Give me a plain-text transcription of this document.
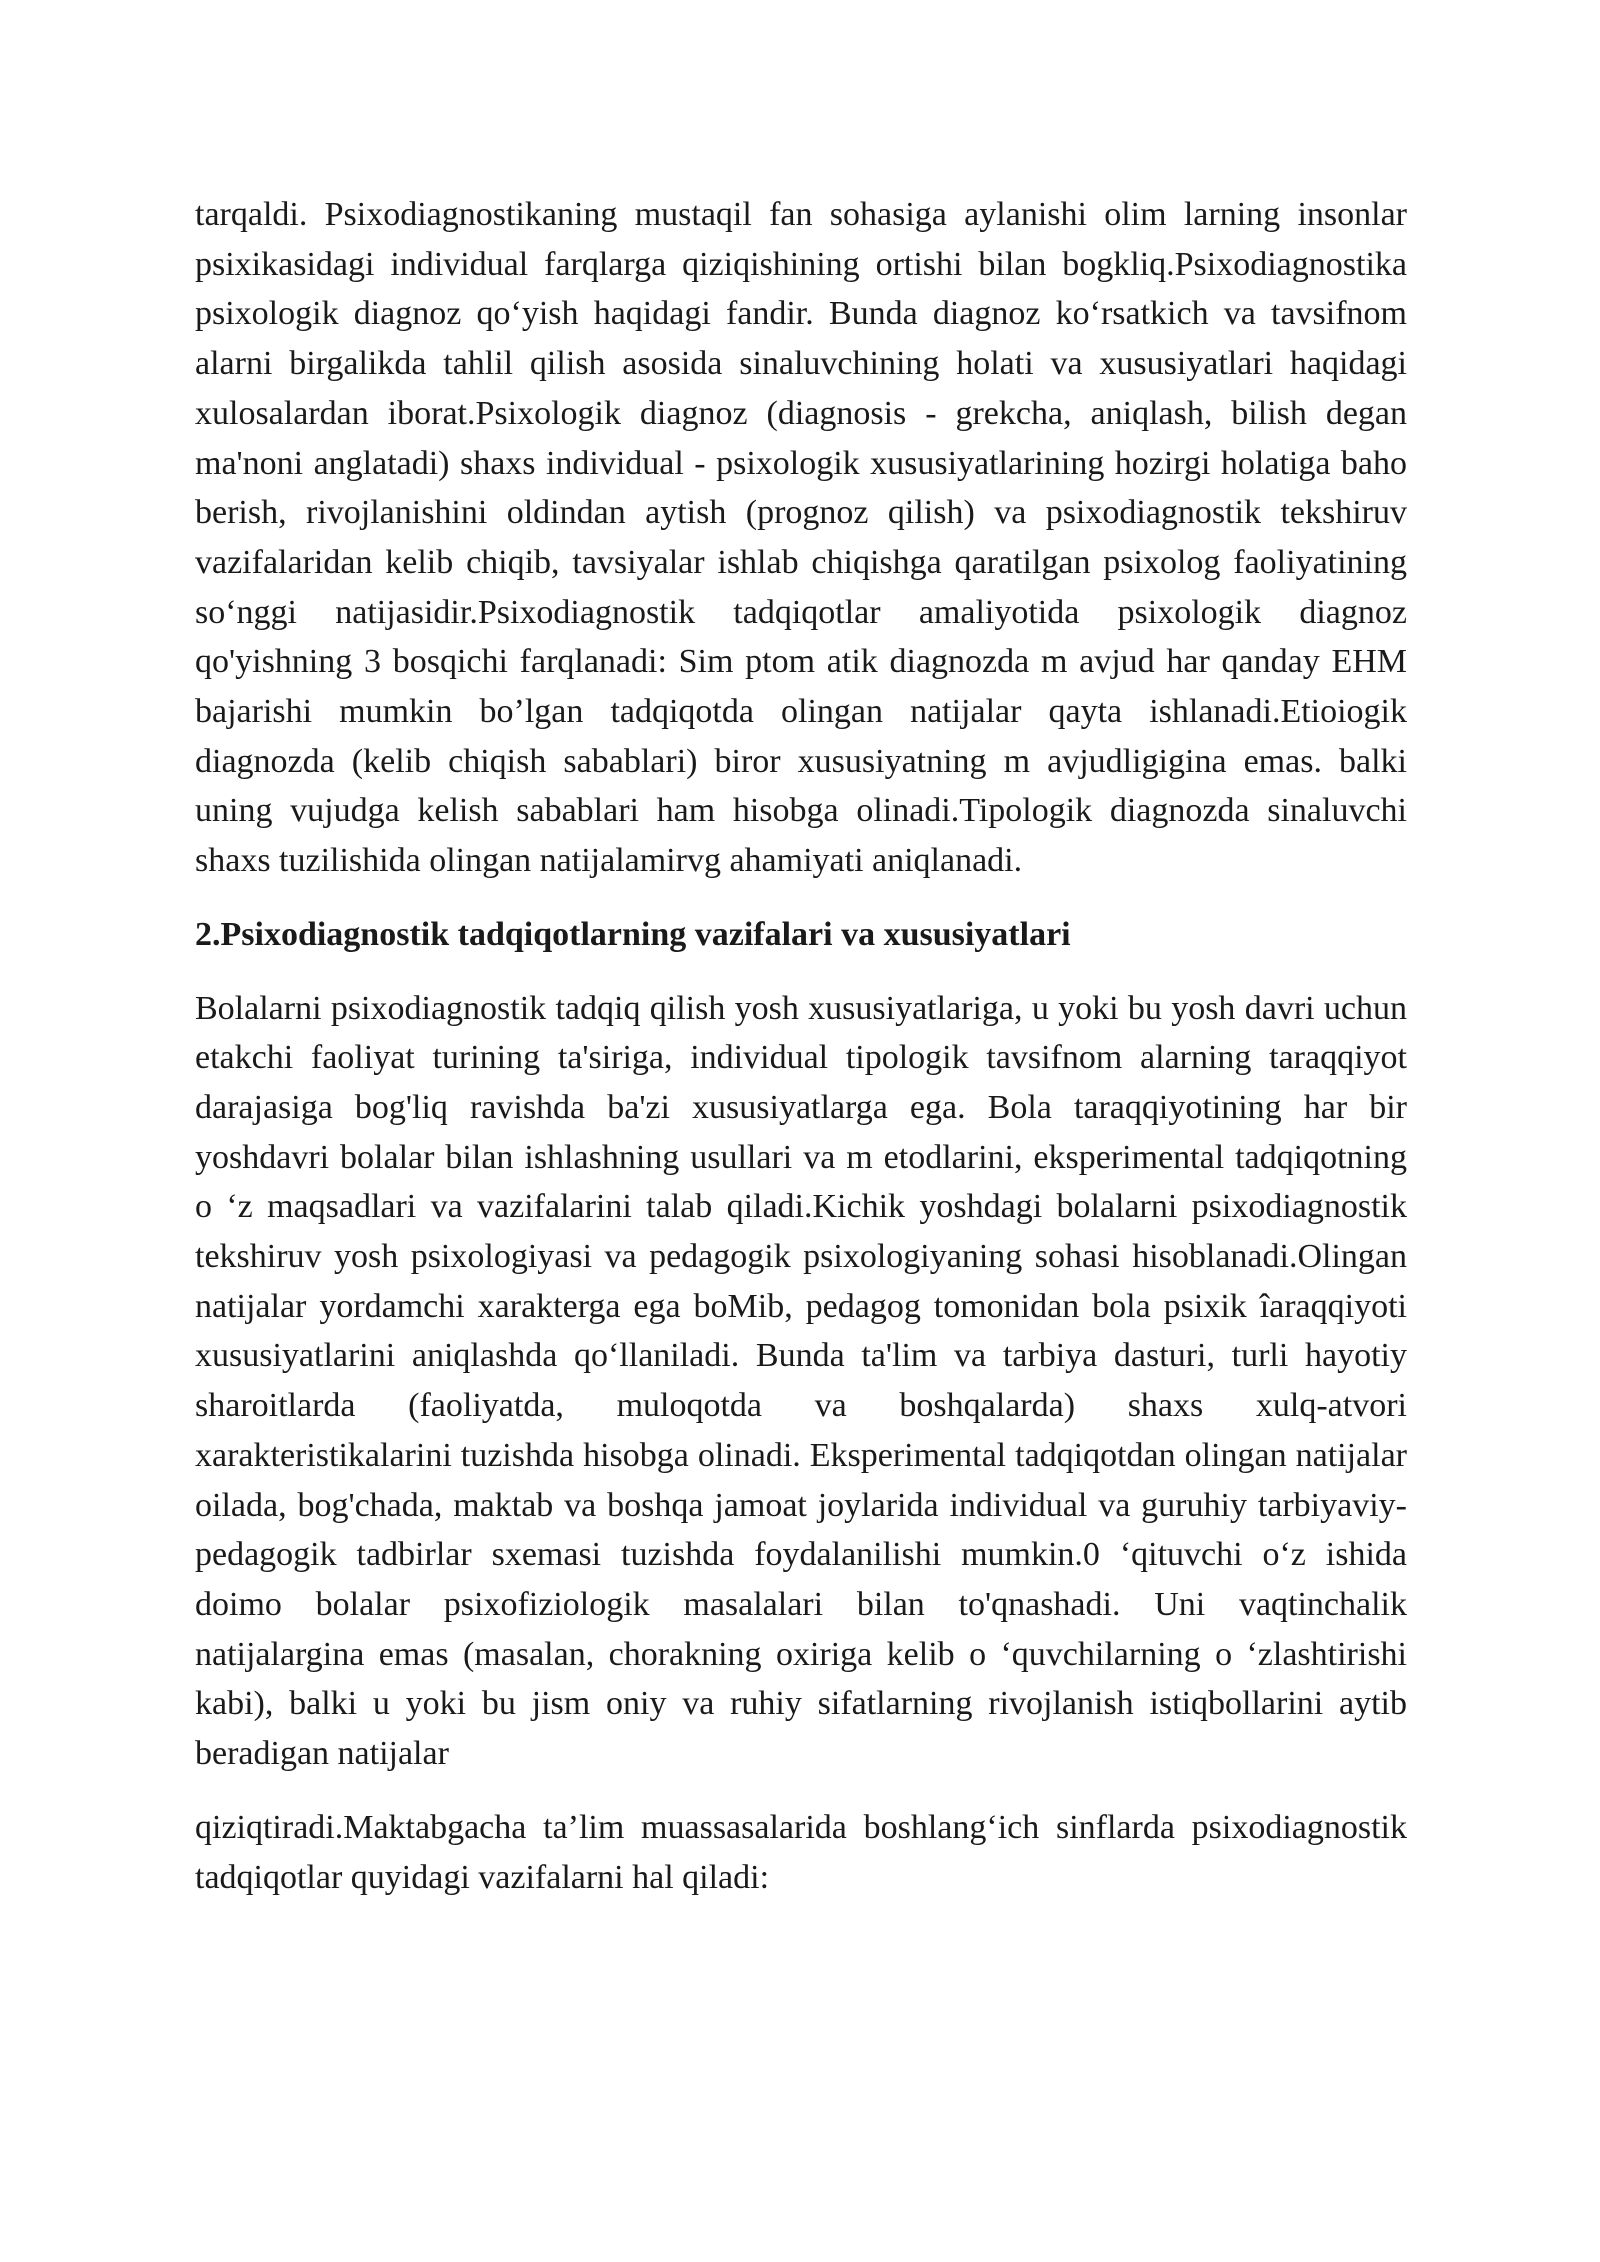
tarqaldi. Psixodiagnostikaning mustaqil fan sohasiga aylanishi olim larning insonlar psixikasidagi individual farqlarga qiziqishining ortishi bilan bogkliq.Psixodiagnostika psixologik diagnoz qo‘yish haqidagi fandir. Bunda diagnoz ko‘rsatkich va tavsifnom alarni birgalikda tahlil qilish asosida sinaluvchining holati va xususiyatlari haqidagi xulosalardan iborat.Psixologik diagnoz (diagnosis - grekcha, aniqlash, bilish degan ma'noni anglatadi) shaxs individual - psixologik xususiyatlarining hozirgi holatiga baho berish, rivojlanishini oldindan aytish (prognoz qilish) va psixodiagnostik tekshiruv vazifalaridan kelib chiqib, tavsiyalar ishlab chiqishga qaratilgan psixolog faoliyatining so‘nggi natijasidir.Psixodiagnostik tadqiqotlar amaliyotida psixologik diagnoz qo'yishning 3 bosqichi farqlanadi: Sim ptom atik diagnozda m avjud har qanday EHM bajarishi mumkin bo’lgan tadqiqotda olingan natijalar qayta ishlanadi.Etioiogik diagnozda (kelib chiqish sabablari) biror xususiyatning m avjudligigina emas. balki uning vujudga kelish sabablari ham hisobga olinadi.Tipologik diagnozda sinaluvchi shaxs tuzilishida olingan natijalamirvg ahamiyati aniqlanadi.

2.Psixodiagnostik tadqiqotlarning vazifalari va xususiyatlari

Bolalarni psixodiagnostik tadqiq qilish yosh xususiyatlariga, u yoki bu yosh davri uchun etakchi faoliyat turining ta'siriga, individual tipologik tavsifnom alarning taraqqiyot darajasiga bog'liq ravishda ba'zi xususiyatlarga ega. Bola taraqqiyotining har bir yoshdavri bolalar bilan ishlashning usullari va m etodlarini, eksperimental tadqiqotning o ‘z maqsadlari va vazifalarini talab qiladi.Kichik yoshdagi bolalarni psixodiagnostik tekshiruv yosh psixologiyasi va pedagogik psixologiyaning sohasi hisoblanadi.Olingan natijalar yordamchi xarakterga ega boMib, pedagog tomonidan bola psixik îaraqqiyoti xususiyatlarini aniqlashda qo‘llaniladi. Bunda ta'lim va tarbiya dasturi, turli hayotiy sharoitlarda (faoliyatda, muloqotda va boshqalarda) shaxs xulq-atvori xarakteristikalarini tuzishda hisobga olinadi. Eksperimental tadqiqotdan olingan natijalar oilada, bog'chada, maktab va boshqa jamoat joylarida individual va guruhiy tarbiyaviy-pedagogik tadbirlar sxemasi tuzishda foydalanilishi mumkin.0 ‘qituvchi o‘z ishida doimo bolalar psixofiziologik masalalari bilan to'qnashadi. Uni vaqtinchalik natijalargina emas (masalan, chorakning oxiriga kelib o ‘quvchilarning o ‘zlashtirishi kabi), balki u yoki bu jism oniy va ruhiy sifatlarning rivojlanish istiqbollarini aytib beradigan natijalar

qiziqtiradi.Maktabgacha ta’lim muassasalarida boshlang‘ich sinflarda psixodiagnostik tadqiqotlar quyidagi vazifalarni hal qiladi:
